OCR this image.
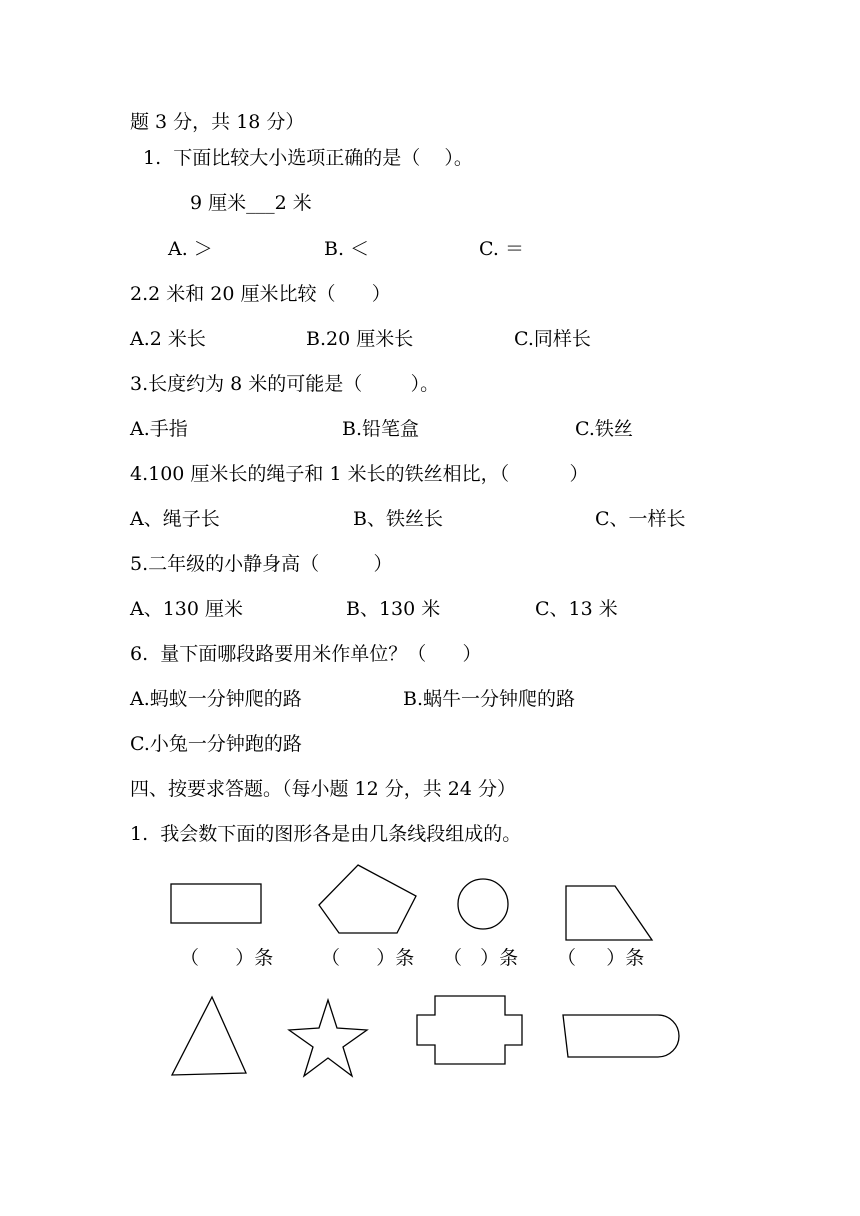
题 3 分，共 18 分）
1.  下面比较大小选项正确的是（    ）。
9 厘米___2 米
A. ＞	B. ＜	C. ＝
2.2 米和 20 厘米比较（      ）
A.2 米长	B.20 厘米长	C.同样长
3.长度约为 8 米的可能是（        ）。
A.手指	B.铅笔盒	C.铁丝
4.100 厘米长的绳子和 1 米长的铁丝相比，（          ）
A、绳子长	B、铁丝长	C、一样长
5.二年级的小静身高（         ）
A、130 厘米	B、130 米	C、13 米
6.  量下面哪段路要用米作单位？（      ）
A.蚂蚁一分钟爬的路	B.蜗牛一分钟爬的路
C.小兔一分钟跑的路
四、按要求答题。（每小题 12 分，共 24 分）
1.  我会数下面的图形各是由几条线段组成的。
（      ）条	（      ）条 （   ）条 （     ）条
